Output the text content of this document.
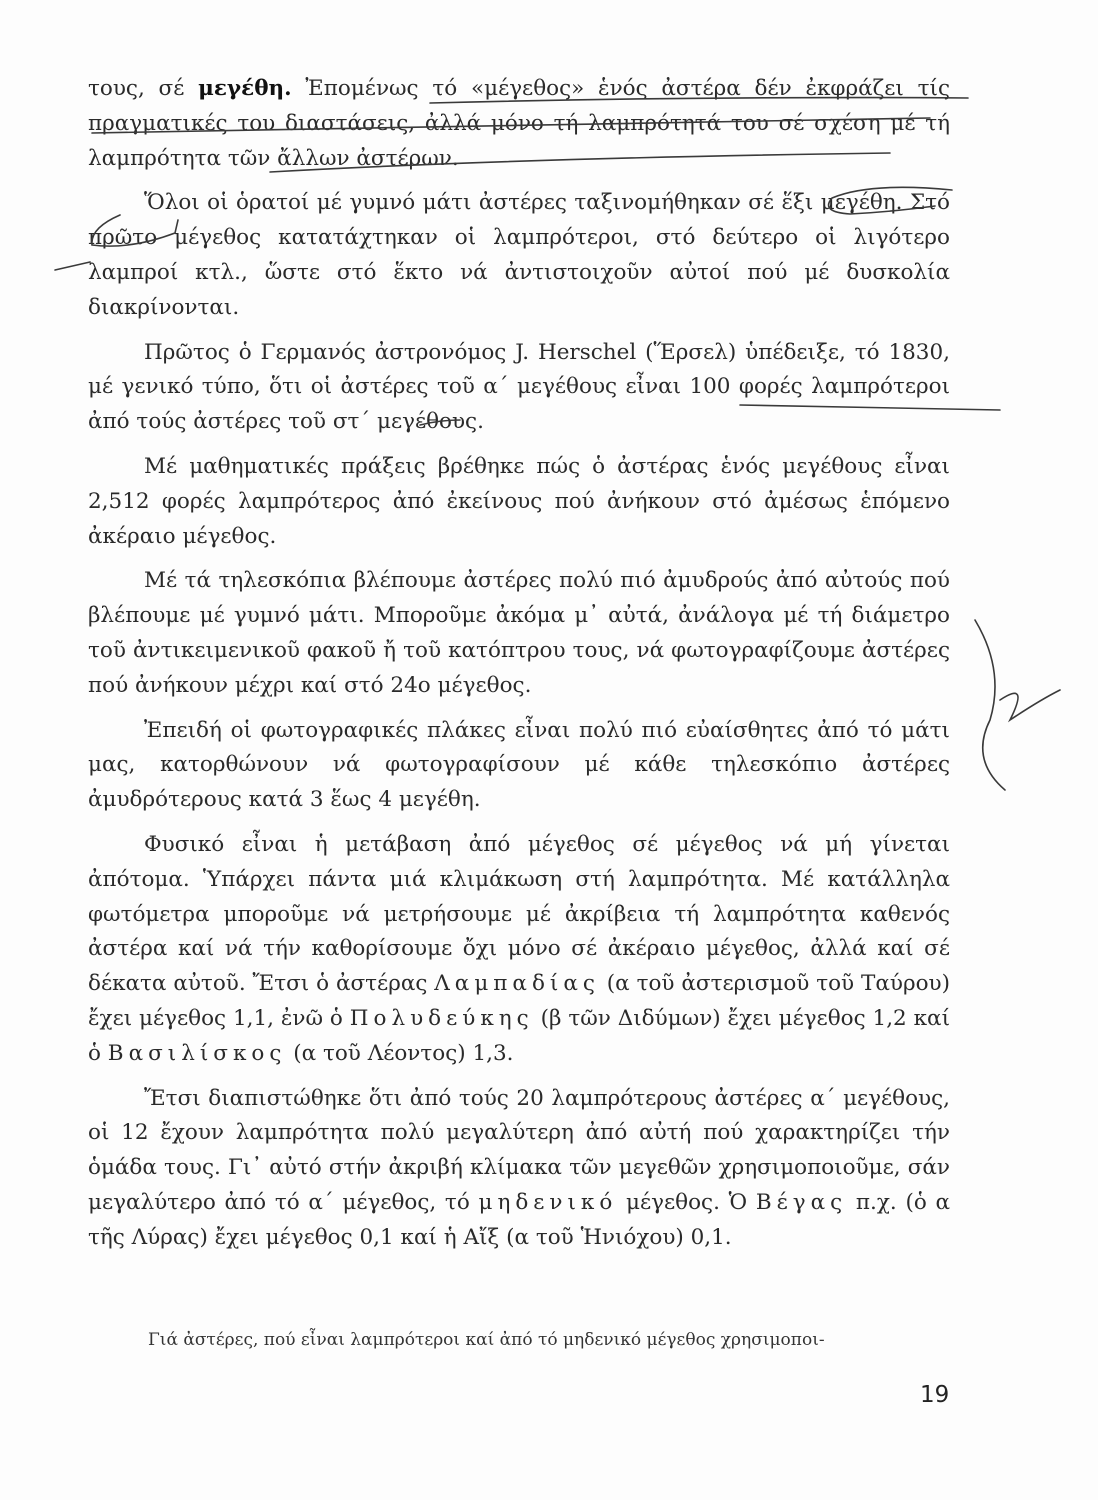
τους, σέ μεγέθη. Ἐπομένως τό «μέγεθος» ἑνός ἀστέρα δέν ἐκφράζει τίς πραγματικές του διαστάσεις, ἀλλά μόνο τή λαμπρότητά του σέ σχέση μέ τή λαμπρότητα τῶν ἄλλων ἀστέρων.

Ὅλοι οἱ ὁρατοί μέ γυμνό μάτι ἀστέρες ταξινομήθηκαν σέ ἕξι μεγέθη. Στό πρῶτο μέγεθος κατατάχτηκαν οἱ λαμπρότεροι, στό δεύτερο οἱ λιγότερο λαμπροί κτλ., ὥστε στό ἕκτο νά ἀντιστοιχοῦν αὐτοί πού μέ δυσκολία διακρίνονται.

Πρῶτος ὁ Γερμανός ἀστρονόμος J. Herschel (Ἕρσελ) ὑπέδειξε, τό 1830, μέ γενικό τύπο, ὅτι οἱ ἀστέρες τοῦ α΄ μεγέθους εἶναι 100 φορές λαμπρότεροι ἀπό τούς ἀστέρες τοῦ στ΄ μεγέθους.

Μέ μαθηματικές πράξεις βρέθηκε πώς ὁ ἀστέρας ἑνός μεγέθους εἶναι 2,512 φορές λαμπρότερος ἀπό ἐκείνους πού ἀνήκουν στό ἀμέσως ἑπόμενο ἀκέραιο μέγεθος.

Μέ τά τηλεσκόπια βλέπουμε ἀστέρες πολύ πιό ἀμυδρούς ἀπό αὐτούς πού βλέπουμε μέ γυμνό μάτι. Μποροῦμε ἀκόμα μ᾽ αὐτά, ἀνάλογα μέ τή διάμετρο τοῦ ἀντικειμενικοῦ φακοῦ ἤ τοῦ κατόπτρου τους, νά φωτογραφίζουμε ἀστέρες πού ἀνήκουν μέχρι καί στό 24ο μέγεθος.

Ἐπειδή οἱ φωτογραφικές πλάκες εἶναι πολύ πιό εὐαίσθητες ἀπό τό μάτι μας, κατορθώνουν νά φωτογραφίσουν μέ κάθε τηλεσκόπιο ἀστέρες ἀμυδρότερους κατά 3 ἕως 4 μεγέθη.

Φυσικό εἶναι ἡ μετάβαση ἀπό μέγεθος σέ μέγεθος νά μή γίνεται ἀπότομα. Ὑπάρχει πάντα μιά κλιμάκωση στή λαμπρότητα. Μέ κατάλληλα φωτόμετρα μποροῦμε νά μετρήσουμε μέ ἀκρίβεια τή λαμπρότητα καθενός ἀστέρα καί νά τήν καθορίσουμε ὄχι μόνο σέ ἀκέραιο μέγεθος, ἀλλά καί σέ δέκατα αὐτοῦ. Ἔτσι ὁ ἀστέρας Λαμπαδίας (α τοῦ ἀστερισμοῦ τοῦ Ταύρου) ἔχει μέγεθος 1,1, ἐνῶ ὁ Πολυδεύκης (β τῶν Διδύμων) ἔχει μέγεθος 1,2 καί ὁ Βασιλίσκος (α τοῦ Λέοντος) 1,3.

Ἔτσι διαπιστώθηκε ὅτι ἀπό τούς 20 λαμπρότερους ἀστέρες α΄ μεγέθους, οἱ 12 ἔχουν λαμπρότητα πολύ μεγαλύτερη ἀπό αὐτή πού χαρακτηρίζει τήν ὁμάδα τους. Γι᾽ αὐτό στήν ἀκριβή κλίμακα τῶν μεγεθῶν χρησιμοποιοῦμε, σάν μεγαλύτερο ἀπό τό α΄ μέγεθος, τό μηδενικό μέγεθος. Ὁ Βέγας π.χ. (ὁ α τῆς Λύρας) ἔχει μέγεθος 0,1 καί ἡ Αἴξ (α τοῦ Ἡνιόχου) 0,1.

Γιά ἀστέρες, πού εἶναι λαμπρότεροι καί ἀπό τό μηδενικό μέγεθος χρησιμοποι-
19
